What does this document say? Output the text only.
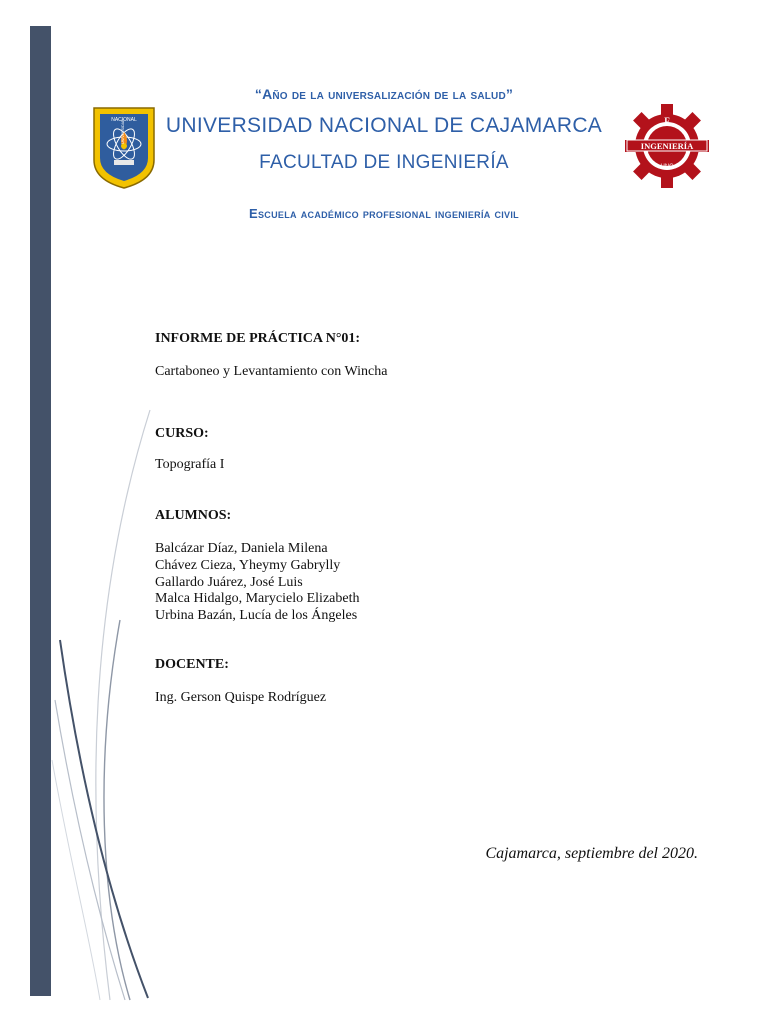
NACIONAL
UNIVERSIDAD
DE CAJAMARCA
F
INGENIERÍA
UNC
“Año de la universalización de la salud”
UNIVERSIDAD NACIONAL DE CAJAMARCA
FACULTAD DE INGENIERÍA
Escuela académico profesional ingeniería civil
INFORME DE PRÁCTICA N°01:
Cartaboneo y Levantamiento con Wincha
CURSO:
Topografía I
ALUMNOS:
Balcázar Díaz, Daniela Milena
Chávez Cieza, Yheymy Gabrylly
Gallardo Juárez, José Luis
Malca Hidalgo, Marycielo Elizabeth
Urbina Bazán, Lucía de los Ángeles
DOCENTE:
Ing. Gerson Quispe Rodríguez
Cajamarca, septiembre del 2020.
